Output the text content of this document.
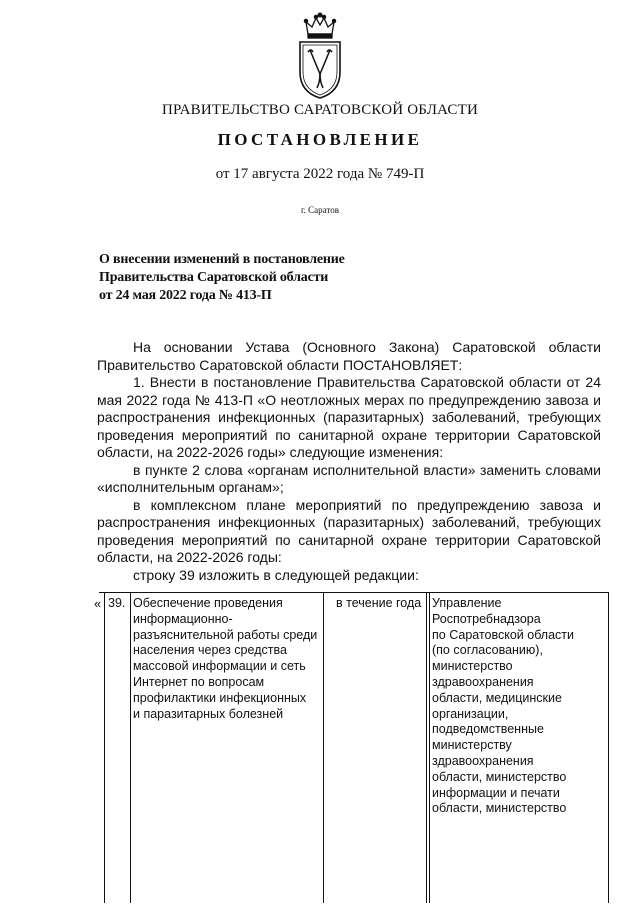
ПРАВИТЕЛЬСТВО САРАТОВСКОЙ ОБЛАСТИ
ПОСТАНОВЛЕНИЕ
от 17 августа 2022 года № 749-П
г. Саратов
О внесении изменений в постановление
Правительства Саратовской области
от 24 мая 2022 года № 413-П

На основании Устава (Основного Закона) Саратовской области Правительство Саратовской области ПОСТАНОВЛЯЕТ:

1. Внести в постановление Правительства Саратовской области от 24 мая 2022 года № 413-П «О неотложных мерах по предупреждению завоза и распространения инфекционных (паразитарных) заболеваний, требующих проведения мероприятий по санитарной охране территории Саратовской области, на 2022-2026 годы» следующие изменения:

в пункте 2 слова «органам исполнительной власти» заменить словами «исполнительным органам»;

в комплексном плане мероприятий по предупреждению завоза и распространения инфекционных (паразитарных) заболеваний, требующих проведения мероприятий по санитарной охране территории Саратовской области, на 2022-2026 годы:

строку 39 изложить в следующей редакции:

« 39. Обеспечение проведения
информационно-
разъяснительной работы среди
населения через средства
массовой информации и сеть
Интернет по вопросам
профилактики инфекционных
и паразитарных болезней
в течение года Управление
Роспотребнадзора
по Саратовской области
(по согласованию),
министерство
здравоохранения
области, медицинские
организации,
подведомственные
министерству
здравоохранения
области, министерство
информации и печати
области, министерство
